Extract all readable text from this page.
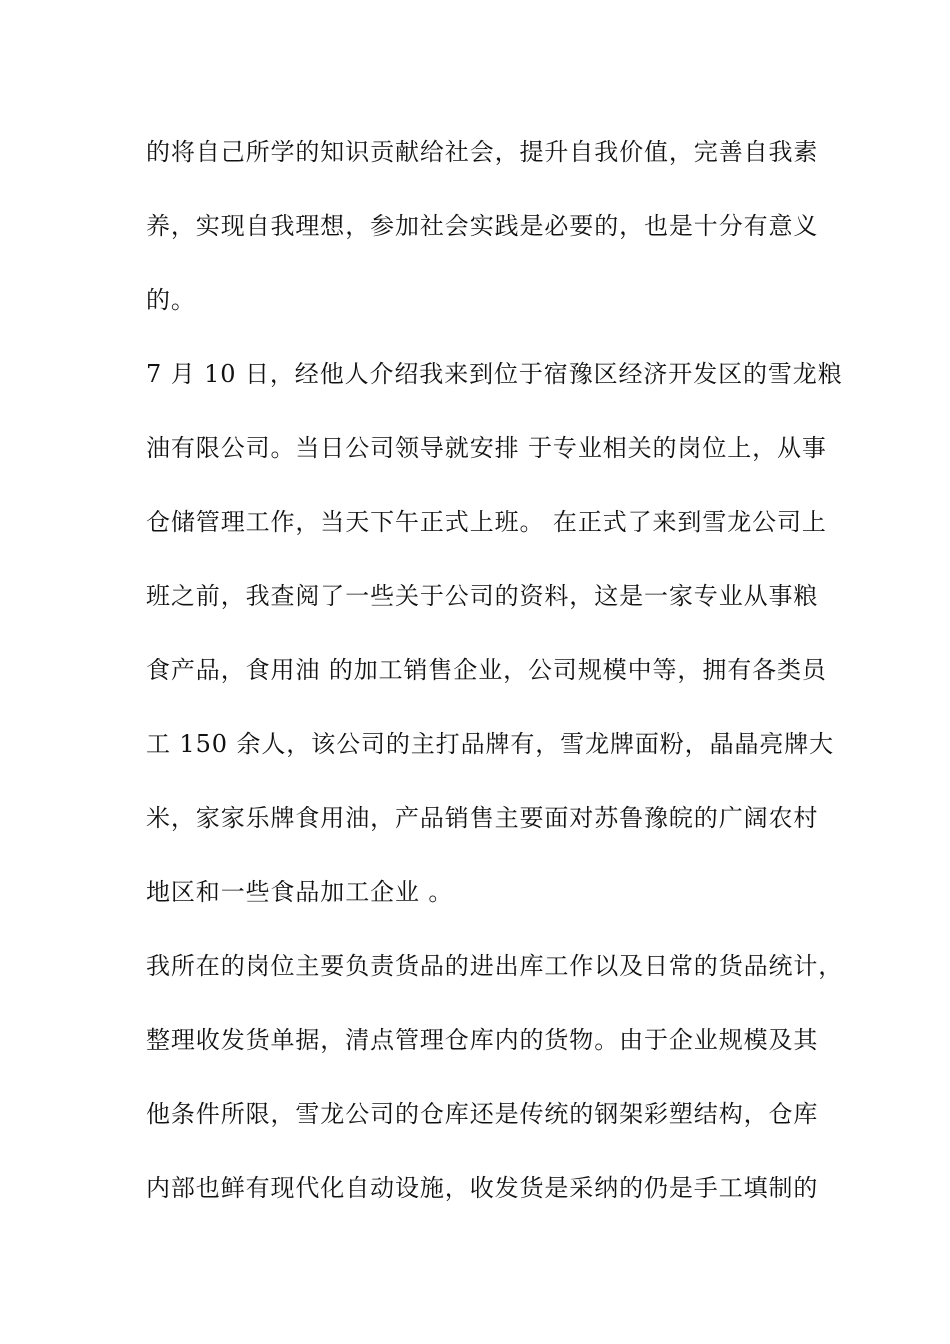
的将自己所学的知识贡献给社会，提升自我价值，完善自我素
养，实现自我理想，参加社会实践是必要的，也是十分有意义
的。
7 月 10 日，经他人介绍我来到位于宿豫区经济开发区的雪龙粮
油有限公司。当日公司领导就安排 于专业相关的岗位上，从事
仓储管理工作，当天下午正式上班。 在正式了来到雪龙公司上
班之前，我查阅了一些关于公司的资料，这是一家专业从事粮
食产品，食用油 的加工销售企业，公司规模中等，拥有各类员
工 150 余人，该公司的主打品牌有，雪龙牌面粉，晶晶亮牌大
米，家家乐牌食用油，产品销售主要面对苏鲁豫皖的广阔农村
地区和一些食品加工企业 。
我所在的岗位主要负责货品的进出库工作以及日常的货品统计，
整理收发货单据，清点管理仓库内的货物。由于企业规模及其
他条件所限，雪龙公司的仓库还是传统的钢架彩塑结构，仓库
内部也鲜有现代化自动设施，收发货是采纳的仍是手工填制的
